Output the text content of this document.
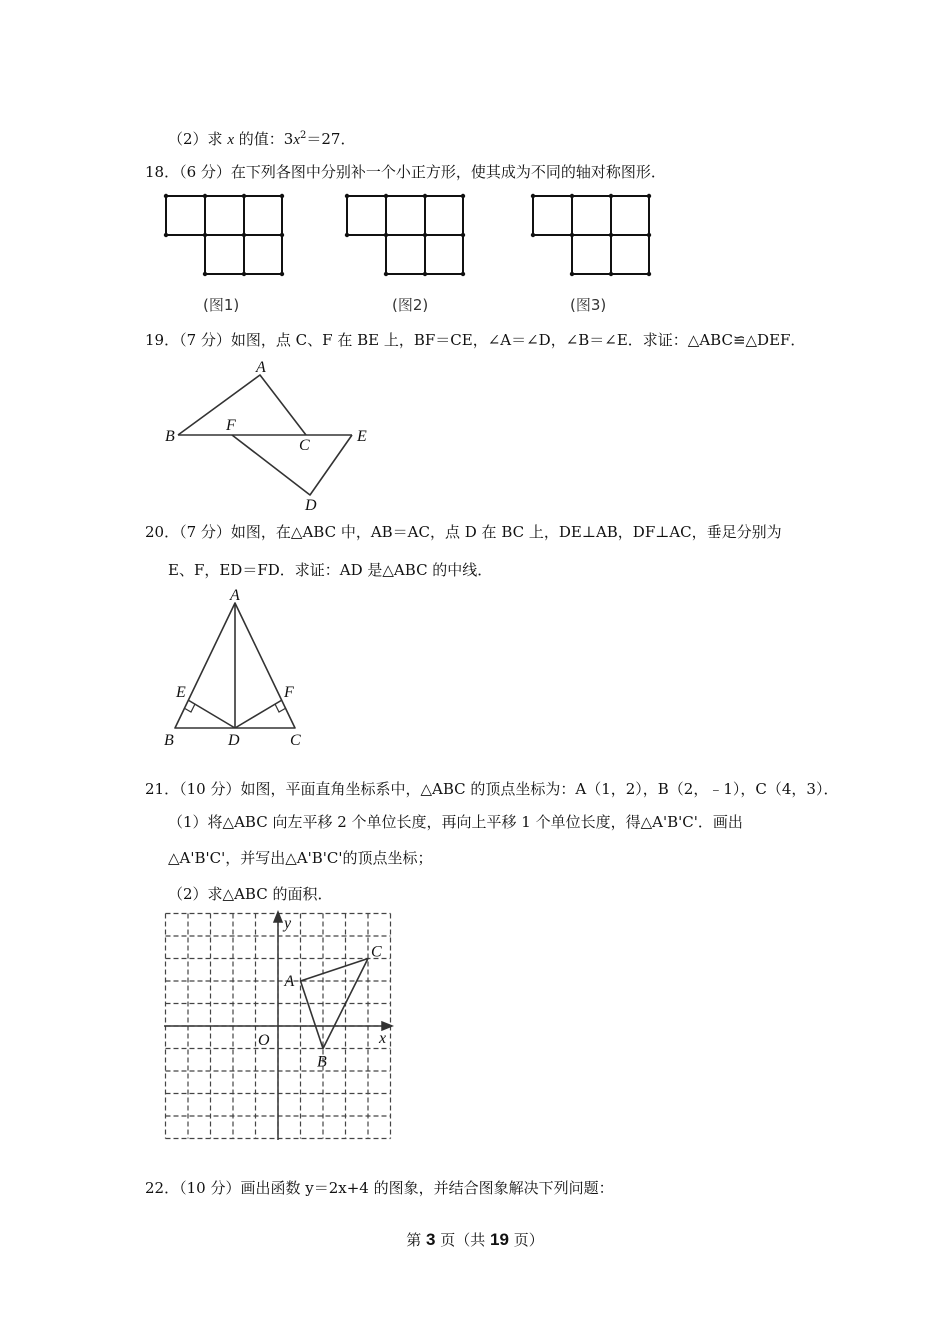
（2）求 x 的值：$3x^2=27$．
18．（6 分）在下列各图中分别补一个小正方形，使其成为不同的轴对称图形．
(图1)	(图2)	(图3)
19．（7 分）如图，点 C、F 在 BE 上，BF＝CE，∠A＝∠D，∠B＝∠E．求证：△ABC≌△DEF．
A
B
C
D
E
F
20．（7 分）如图，在△ABC 中，AB＝AC，点 D 在 BC 上，DE⊥AB，DF⊥AC，垂足分别为
E、F，ED＝FD．求证：AD 是△ABC 的中线．
A
B	C
D
E	F
21．（10 分）如图，平面直角坐标系中，△ABC 的顶点坐标为：A（1，2），B（2，﹣1），C（4，3）．
（1）将△ABC 向左平移 2 个单位长度，再向上平移 1 个单位长度，得△A'B'C'．画出
△A'B'C'，并写出△A'B'C'的顶点坐标；
（2）求△ABC 的面积．
O	x
y
A
B
C
22．（10 分）画出函数 y＝2x+4 的图象，并结合图象解决下列问题：
第 3 页（共 19 页）
